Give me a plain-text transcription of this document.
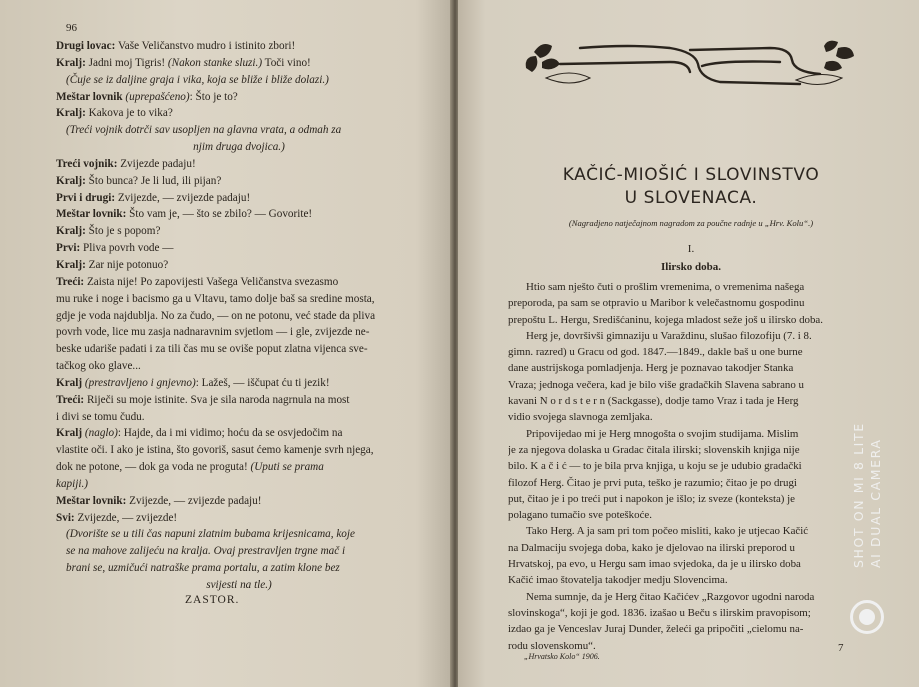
96
Drugi lovac: Vaše Veličanstvo mudro i istinito zbori!
Kralj: Jadni moj Tigris! (Nakon stanke sluzi.) Toči vino!
(Čuje se iz daljine graja i vika, koja se bliže i bliže dolazi.)
Meštar lovnik (uprepašćeno): Što je to?
Kralj: Kakova je to vika?
(Treći vojnik dotrči sav usopljen na glavna vrata, a odmah za
njim druga dvojica.)
Treći vojnik: Zvijezde padaju!
Kralj: Što bunca? Je li lud, ili pijan?
Prvi i drugi: Zvijezde, — zvijezde padaju!
Meštar lovnik: Što vam je, — što se zbilo? — Govorite!
Kralj: Što je s popom?
Prvi: Pliva povrh vode —
Kralj: Zar nije potonuo?
Treći: Zaista nije! Po zapovijesti Vašega Veličanstva svezasmo
mu ruke i noge i bacismo ga u Vltavu, tamo dolje baš sa sredine mosta,
gdje je voda najdublja. No za čudo, — on ne potonu, već stade da pliva
povrh vode, lice mu zasja nadnaravnim svjetlom — i gle, zvijezde ne-
beske udariše padati i za tili čas mu se oviše poput zlatna vijenca sve-
tačkog oko glave...
Kralj (prestravljeno i gnjevno): Lažeš, — iščupat ću ti jezik!
Treći: Riječi su moje istinite. Sva je sila naroda nagrnula na most
i divi se tomu čudu.
Kralj (naglo): Hajde, da i mi vidimo; hoću da se osvjedočim na
vlastite oči. I ako je istina, što govoriš, sasut ćemo kamenje svrh njega,
dok ne potone, — dok ga voda ne proguta! (Uputi se prama
kapiji.)
Meštar lovnik: Zvijezde, — zvijezde padaju!
Svi: Zvijezde, — zvijezde!
(Dvorište se u tili čas napuni zlatnim bubama krijesnicama, koje
se na mahove zalijeću na kralja. Ovaj prestravljen trgne mač i
brani se, uzmičući natraške prama portalu, a zatim klone bez
svijesti na tle.)
ZASTOR.
KAČIĆ-MIOŠIĆ I SLOVINSTVO
U SLOVENACA.
(Nagradjeno natječajnom nagradom za poučne radnje u „Hrv. Kolu“.)
I.
Ilirsko doba.
Htio sam nješto čuti o prošlim vremenima, o vremenima našega
preporoda, pa sam se otpravio u Maribor k velečastnomu gospodinu
prepoštu L. Hergu, Središćaninu, kojega mladost seže još u ilirsko doba.
Herg je, dovršivši gimnaziju u Varaždinu, slušao filozofiju (7. i 8.
gimn. razred) u Gracu od god. 1847.—1849., dakle baš u one burne
dane austrijskoga pomladjenja. Herg je poznavao takodjer Stanka
Vraza; jednoga večera, kad je bilo više gradačkih Slavena sabrano u
kavani N o r d s t e r n (Sackgasse), dodje tamo Vraz i tada je Herg
vidio svojega slavnoga zemljaka.
Pripovijedao mi je Herg mnogošta o svojim studijama. Mislim
je za njegova dolaska u Gradac čitala ilirski; slovenskih knjiga nije
bilo. K a č i ć — to je bila prva knjiga, u koju se je udubio gradački
filozof Herg. Čitao je prvi puta, teško je razumio; čitao je po drugi
put, čitao je i po treći put i napokon je išlo; iz sveze (konteksta) je
polagano tumačio sve poteškoće.
Tako Herg. A ja sam pri tom počeo misliti, kako je utjecao Kačić
na Dalmaciju svojega doba, kako je djelovao na ilirski preporod u
Hrvatskoj, pa evo, u Hergu sam imao svjedoka, da je u ilirsko doba
Kačić imao štovatelja takodjer medju Slovencima.
Nema sumnje, da je Herg čitao Kačićev „Razgovor ugodni naroda
slovinskoga“, koji je god. 1836. izašao u Beču s ilirskim pravopisom;
izdao ga je Venceslav Juraj Dunder, želeći ga pripočiti „cielomu na-
rodu slovenskomu“.
„Hrvatsko Kolo“ 1906.
7
SHOT ON MI 8 LITE AI DUAL CAMERA
